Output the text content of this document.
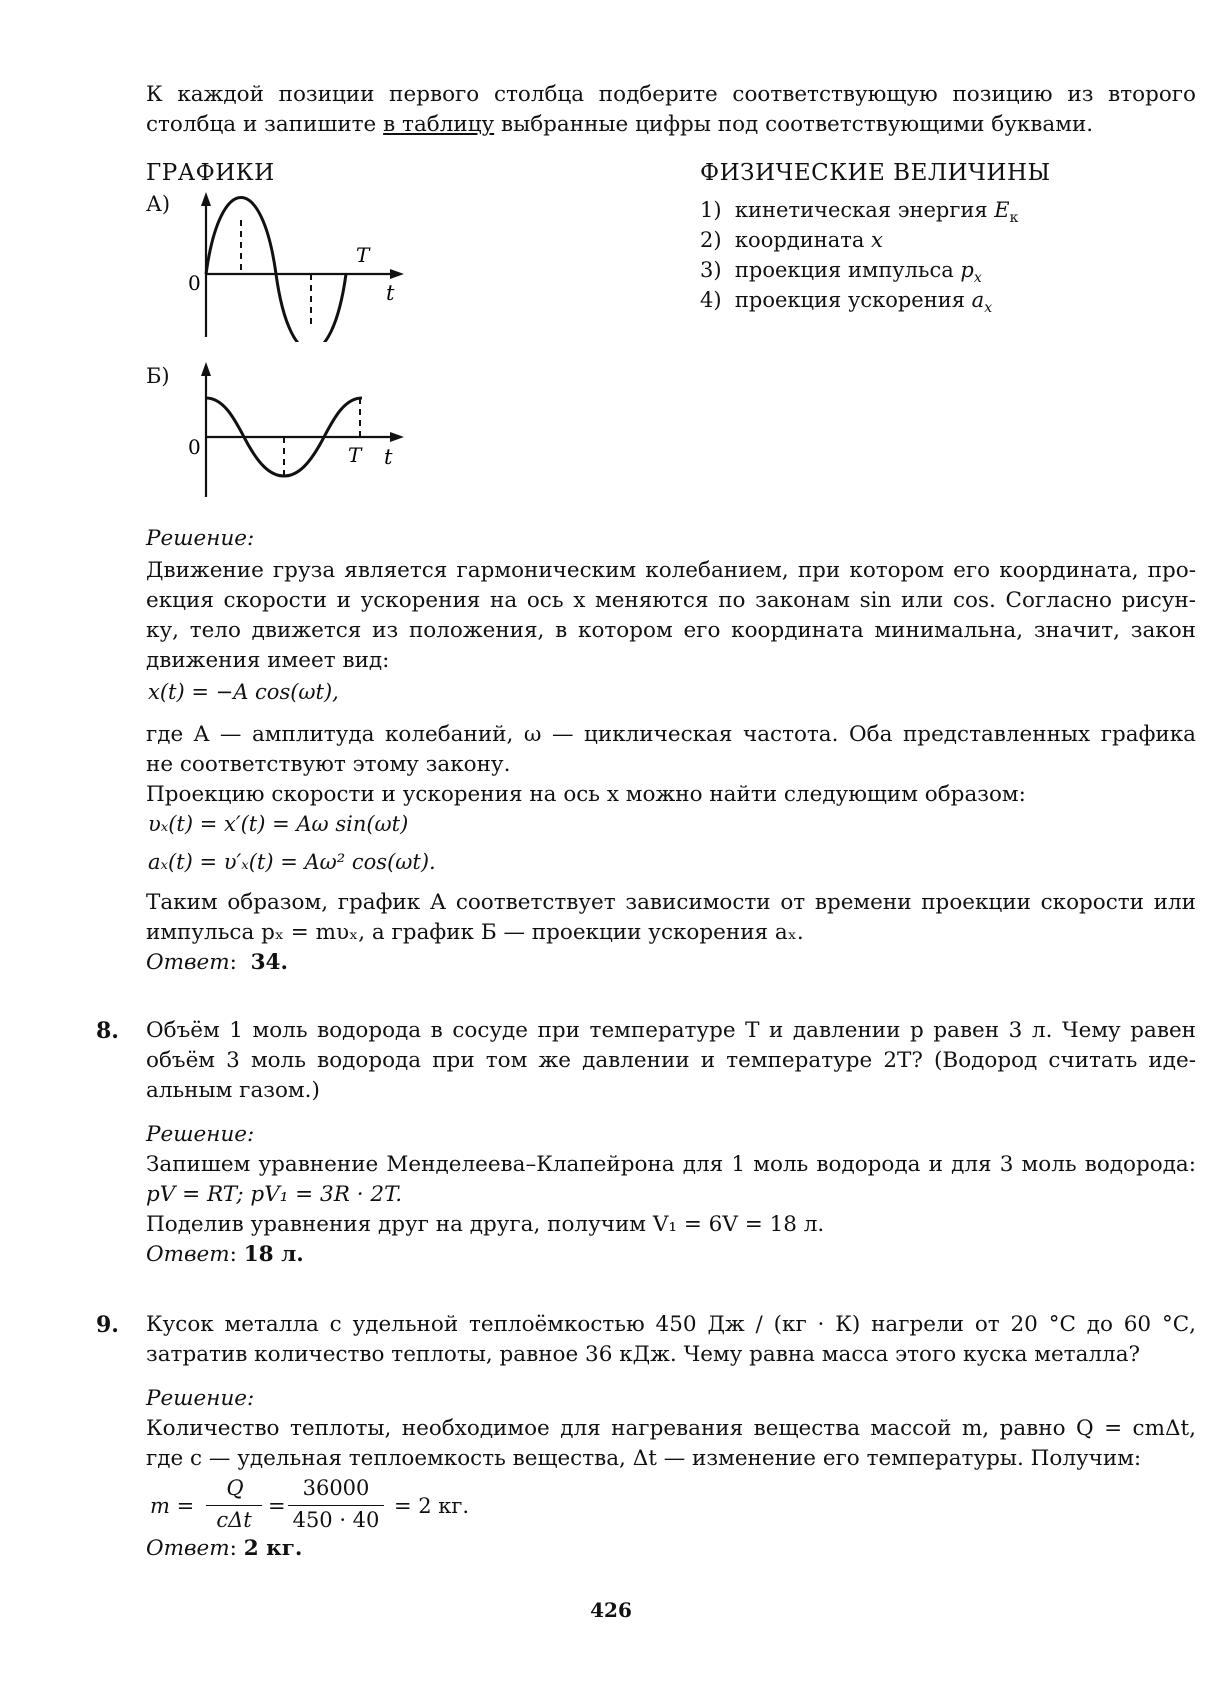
К каждой позиции первого столбца подберите соответствующую позицию из второго
столбца и запишите в таблицу выбранные цифры под соответствующими буквами.
ГРАФИКИ	ФИЗИЧЕСКИЕ ВЕЛИЧИНЫ
А)
Б)
0
T
t
0	T t
1) кинетическая энергия $E_к$
2) координата x
3) проекция импульса $p_x$
4) проекция ускорения $a_x$
Решение:
Движение груза является гармоническим колебанием, при котором его координата, про-
екция скорости и ускорения на ось x меняются по законам sin или cos. Согласно рисун-
ку, тело движется из положения, в котором его координата минимальна, значит, закон
движения имеет вид:
x(t) = −A cos(ωt),
где A — амплитуда колебаний, ω — циклическая частота. Оба представленных графика
не соответствуют этому закону.
Проекцию скорости и ускорения на ось x можно найти следующим образом:
υₓ(t) = x′(t) = Aω sin(ωt)
aₓ(t) = υ′ₓ(t) = Aω² cos(ωt).
Таким образом, график А соответствует зависимости от времени проекции скорости или
импульса pₓ = mυₓ, а график Б — проекции ускорения aₓ.
Ответ:  34.
8. Объём 1 моль водорода в сосуде при температуре T и давлении p равен 3 л. Чему равен
объём 3 моль водорода при том же давлении и температуре 2T? (Водород считать иде-
альным газом.)
Решение:
Запишем уравнение Менделеева–Клапейрона для 1 моль водорода и для 3 моль водорода:
pV = RT; pV₁ = 3R · 2T.
Поделив уравнения друг на друга, получим V₁ = 6V = 18 л.
Ответ: 18 л.
9. Кусок металла с удельной теплоёмкостью 450 Дж / (кг · К) нагрели от 20 °С до 60 °С,
затратив количество теплоты, равное 36 кДж. Чему равна масса этого куска металла?
Решение:
Количество теплоты, необходимое для нагревания вещества массой m, равно Q = cmΔt,
где c — удельная теплоемкость вещества, Δt — изменение его температуры. Получим:
m =
Q
cΔt
=
36000
450 · 40
= 2 кг.
Ответ: 2 кг.
426
